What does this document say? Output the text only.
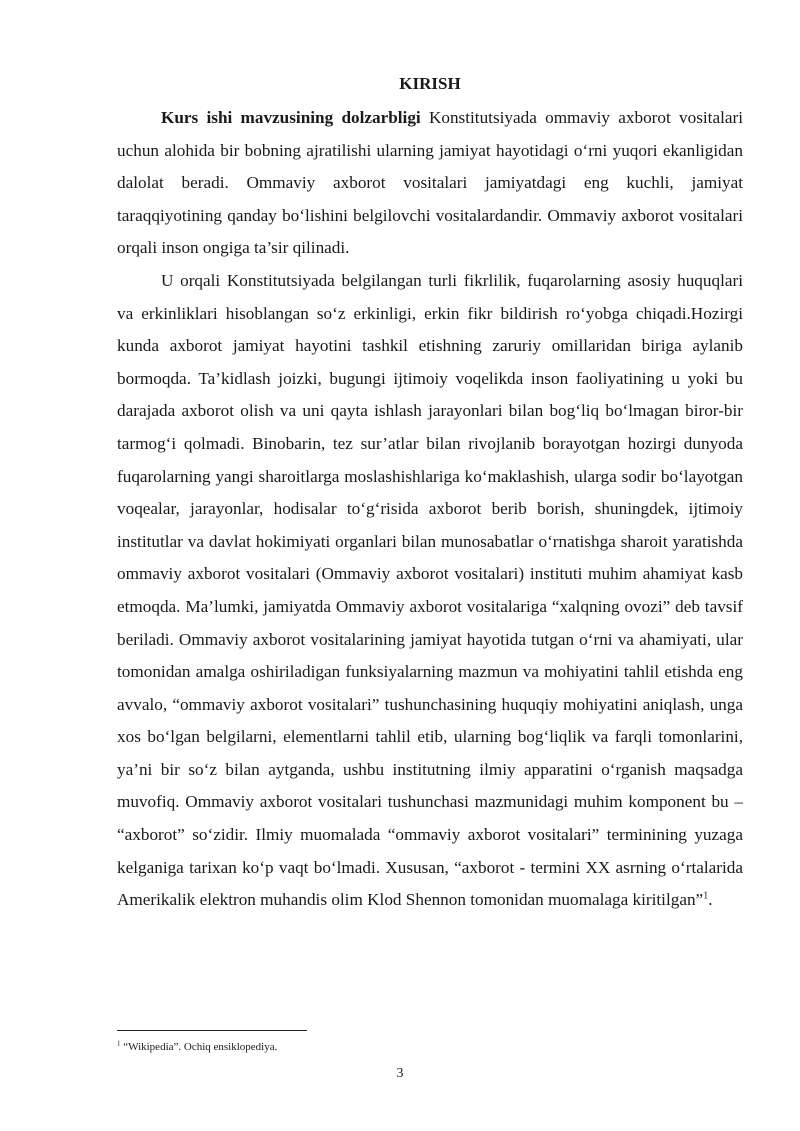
KIRISH

Kurs ishi mavzusining dolzarbligi Konstitutsiyada ommaviy axborot vositalari uchun alohida bir bobning ajratilishi ularning jamiyat hayotidagi o‘rni yuqori ekanligidan dalolat beradi. Ommaviy axborot vositalari jamiyatdagi eng kuchli, jamiyat taraqqiyotining qanday bo‘lishini belgilovchi vositalardandir. Ommaviy axborot vositalari orqali inson ongiga ta’sir qilinadi.

U orqali Konstitutsiyada belgilangan turli fikrlilik, fuqarolarning asosiy huquqlari va erkinliklari hisoblangan so‘z erkinligi, erkin fikr bildirish ro‘yobga chiqadi.Hozirgi kunda axborot jamiyat hayotini tashkil etishning zaruriy omillaridan biriga aylanib bormoqda. Ta’kidlash joizki, bugungi ijtimoiy voqelikda inson faoliyatining u yoki bu darajada axborot olish va uni qayta ishlash jarayonlari bilan bog‘liq bo‘lmagan biror-bir tarmog‘i qolmadi. Binobarin, tez sur’atlar bilan rivojlanib borayotgan hozirgi dunyoda fuqarolarning yangi sharoitlarga moslashishlariga ko‘maklashish, ularga sodir bo‘layotgan voqealar, jarayonlar, hodisalar to‘g‘risida axborot berib borish, shuningdek, ijtimoiy institutlar va davlat hokimiyati organlari bilan munosabatlar o‘rnatishga sharoit yaratishda ommaviy axborot vositalari (Ommaviy axborot vositalari) instituti muhim ahamiyat kasb etmoqda. Ma’lumki, jamiyatda Ommaviy axborot vositalariga “xalqning ovozi” deb tavsif beriladi. Ommaviy axborot vositalarining jamiyat hayotida tutgan o‘rni va ahamiyati, ular tomonidan amalga oshiriladigan funksiyalarning mazmun va mohiyatini tahlil etishda eng avvalo, “ommaviy axborot vositalari” tushunchasining huquqiy mohiyatini aniqlash, unga xos bo‘lgan belgilarni, elementlarni tahlil etib, ularning bog‘liqlik va farqli tomonlarini, ya’ni bir so‘z bilan aytganda, ushbu institutning ilmiy apparatini o‘rganish maqsadga muvofiq. Ommaviy axborot vositalari tushunchasi mazmunidagi muhim komponent bu – “axborot” so‘zidir. Ilmiy muomalada “ommaviy axborot vositalari” terminining yuzaga kelganiga tarixan ko‘p vaqt bo‘lmadi. Xususan, “axborot - termini XX asrning o‘rtalarida Amerikalik elektron muhandis olim Klod Shennon tomonidan muomalaga kiritilgan”$^1$.

$^1$ “Wikipedia”. Ochiq ensiklopediya.
3
